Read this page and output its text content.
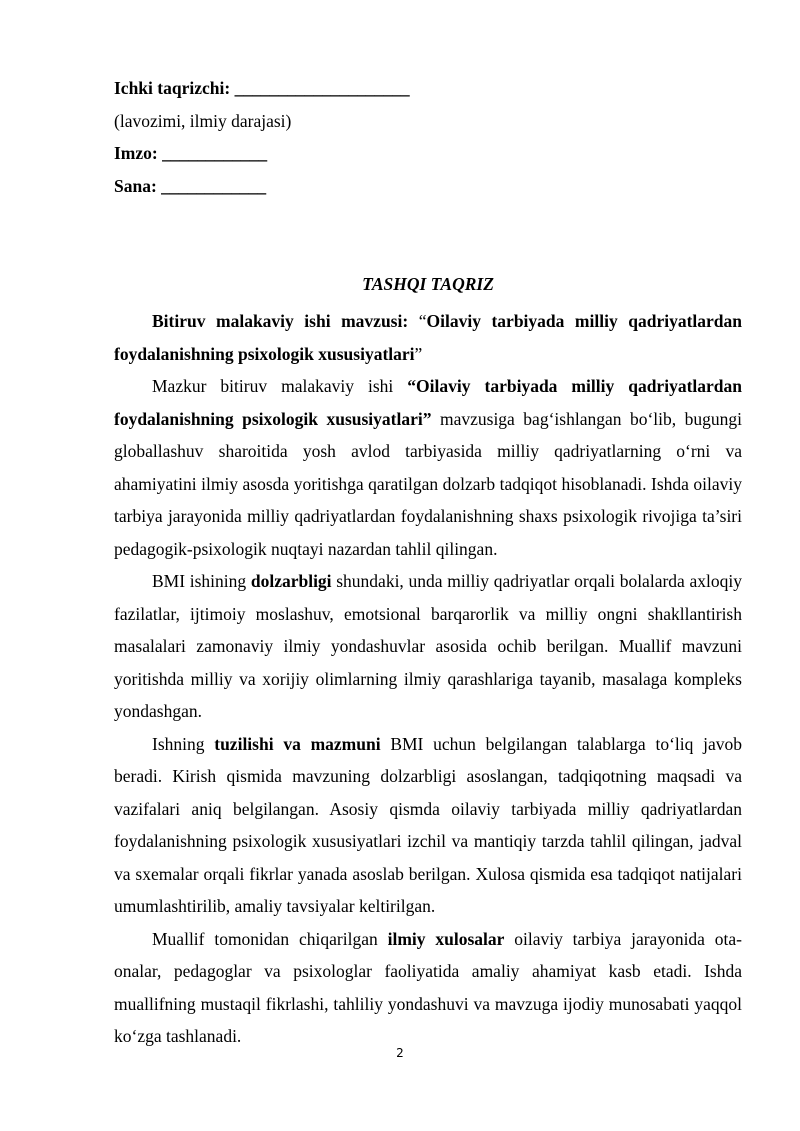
Ichki taqrizchi: ____________________
(lavozimi, ilmiy darajasi)
Imzo: ____________
Sana: ____________
TASHQI TAQRIZ

Bitiruv malakaviy ishi mavzusi: “Oilaviy tarbiyada milliy qadriyatlardan foydalanishning psixologik xususiyatlari”

Mazkur bitiruv malakaviy ishi “Oilaviy tarbiyada milliy qadriyatlardan foydalanishning psixologik xususiyatlari” mavzusiga bag‘ishlangan bo‘lib, bugungi globallashuv sharoitida yosh avlod tarbiyasida milliy qadriyatlarning o‘rni va ahamiyatini ilmiy asosda yoritishga qaratilgan dolzarb tadqiqot hisoblanadi. Ishda oilaviy tarbiya jarayonida milliy qadriyatlardan foydalanishning shaxs psixologik rivojiga ta’siri pedagogik-psixologik nuqtayi nazardan tahlil qilingan.

BMI ishining dolzarbligi shundaki, unda milliy qadriyatlar orqali bolalarda axloqiy fazilatlar, ijtimoiy moslashuv, emotsional barqarorlik va milliy ongni shakllantirish masalalari zamonaviy ilmiy yondashuvlar asosida ochib berilgan. Muallif mavzuni yoritishda milliy va xorijiy olimlarning ilmiy qarashlariga tayanib, masalaga kompleks yondashgan.

Ishning tuzilishi va mazmuni BMI uchun belgilangan talablarga to‘liq javob beradi. Kirish qismida mavzuning dolzarbligi asoslangan, tadqiqotning maqsadi va vazifalari aniq belgilangan. Asosiy qismda oilaviy tarbiyada milliy qadriyatlardan foydalanishning psixologik xususiyatlari izchil va mantiqiy tarzda tahlil qilingan, jadval va sxemalar orqali fikrlar yanada asoslab berilgan. Xulosa qismida esa tadqiqot natijalari umumlashtirilib, amaliy tavsiyalar keltirilgan.

Muallif tomonidan chiqarilgan ilmiy xulosalar oilaviy tarbiya jarayonida ota-onalar, pedagoglar va psixologlar faoliyatida amaliy ahamiyat kasb etadi. Ishda muallifning mustaqil fikrlashi, tahliliy yondashuvi va mavzuga ijodiy munosabati yaqqol ko‘zga tashlanadi.

2
